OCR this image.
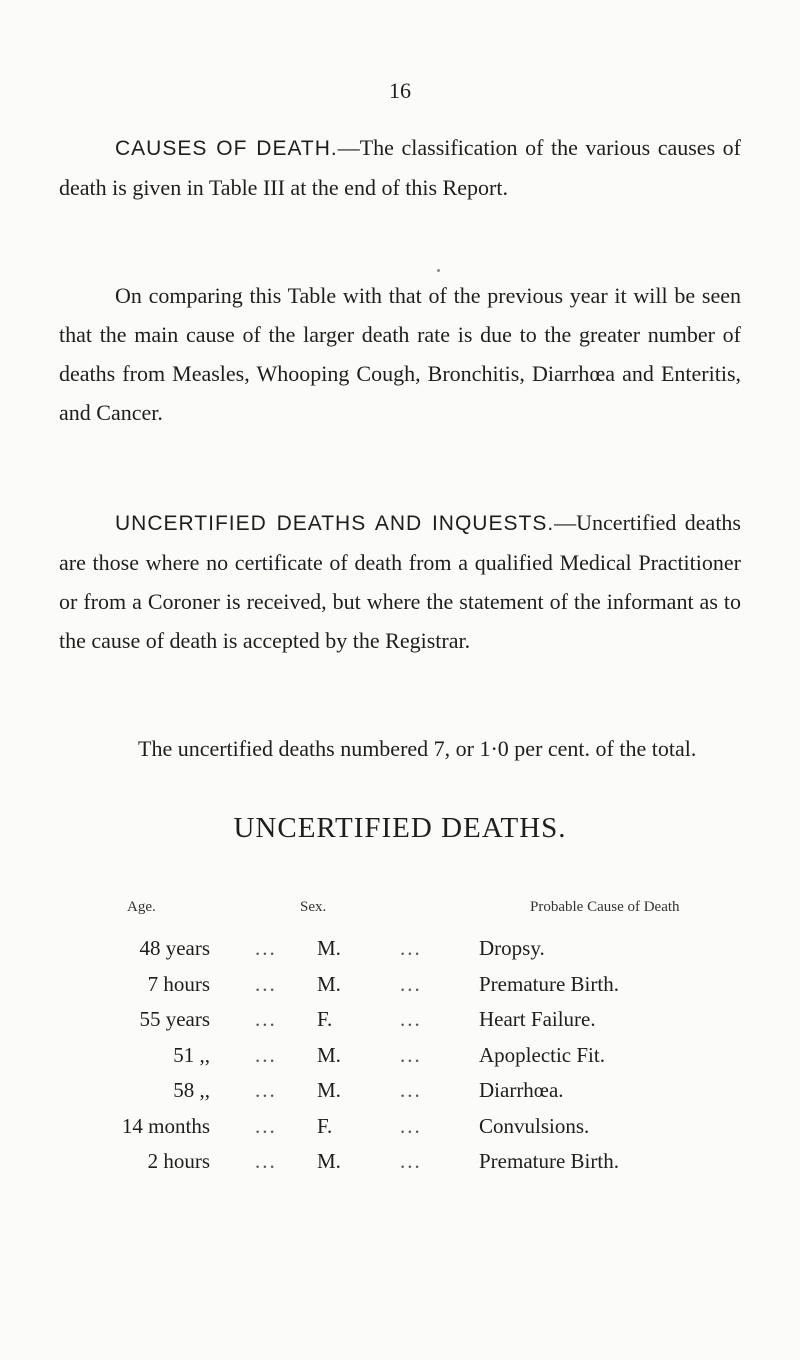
16

CAUSES OF DEATH.—The classification of the various causes of death is given in Table III at the end of this Report.

On comparing this Table with that of the previous year it will be seen that the main cause of the larger death rate is due to the greater number of deaths from Measles, Whooping Cough, Bronchitis, Diarrhœa and Enteritis, and Cancer.

UNCERTIFIED DEATHS AND INQUESTS.—Uncertified deaths are those where no certificate of death from a qualified Medical Practitioner or from a Coroner is received, but where the statement of the informant as to the cause of death is accepted by the Registrar.

The uncertified deaths numbered 7, or 1·0 per cent. of the total.

UNCERTIFIED DEATHS.
Age.	Sex.	Probable Cause of Death
48 years ... M.	...	Dropsy.
7 hours ... M.	...	Premature Birth.
55 years ... F.	...	Heart Failure.
51 ,, ... M.	...	Apoplectic Fit.
58 ,, ... M.	...	Diarrhœa.
14 months ... F.	...	Convulsions.
2 hours ... M.	...	Premature Birth.
